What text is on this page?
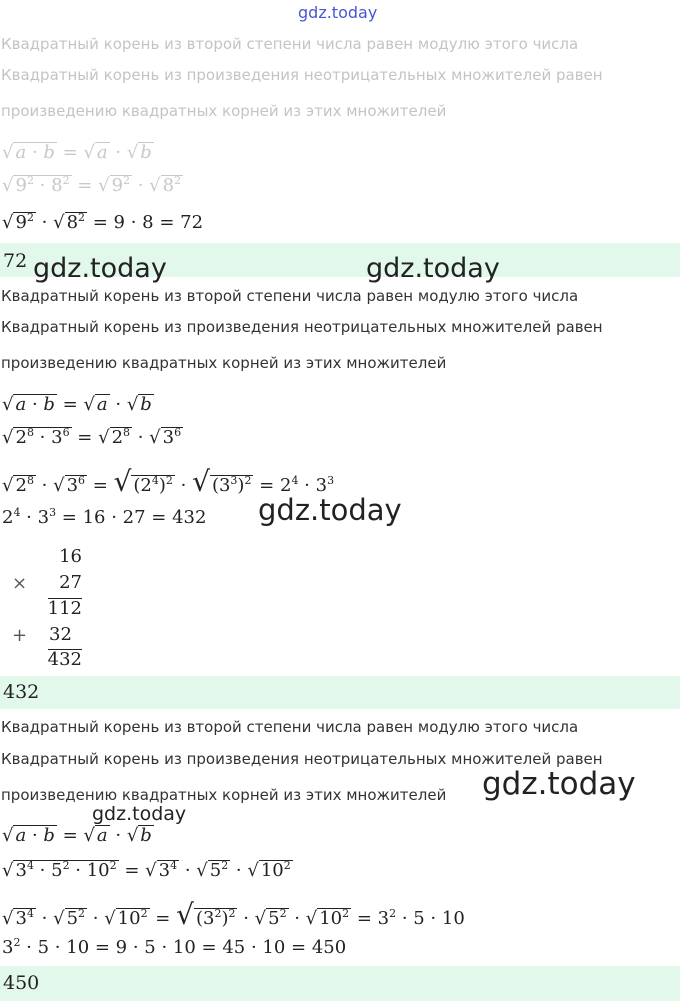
gdz.today
Квадратный корень из второй степени числа равен модулю этого числа
Квадратный корень из произведения неотрицательных множителей равен
произведению квадратных корней из этих множителей
√ a · b = √ a · √ b
√ $9^2 \cdot 8^2$ = √ $9^2$ · √ $8^2$
√ $9^2$ · √ $8^2 = 9 \cdot 8 = 72$
72 gdz.today	gdz.today
Квадратный корень из второй степени числа равен модулю этого числа
Квадратный корень из произведения неотрицательных множителей равен
произведению квадратных корней из этих множителей
√ a · b = √ a · √ b
√ $2^8 \cdot 3^6$ = √ $2^8$ · √ $3^6$
√ $2^8$ · √ $3^6$ = √ $(2^4)^2$ · √ $(3^3)^2 = 2^4 \cdot 3^3$
$2^4 \cdot 3^3 = 16 \cdot 27 = 432$ gdz.today
16
×	27
112
+ 32
432
432
Квадратный корень из второй степени числа равен модулю этого числа
Квадратный корень из произведения неотрицательных множителей равен
произведению квадратных корней из этих множителей gdz.today
gdz.today
√ a · b = √ a · √ b
√ $3^4 \cdot 5^2 \cdot 10^2$ = √ $3^4$ · √ $5^2$ · √ $10^2$
√ $3^4$ · √ $5^2$ · √ $10^2$ = √ $(3^2)^2$ · √ $5^2$ · √ $10^2 = 3^2 \cdot 5 \cdot 10$
$3^2 \cdot 5 \cdot 10 = 9 \cdot 5 \cdot 10 = 45 \cdot 10 = 450$
450
